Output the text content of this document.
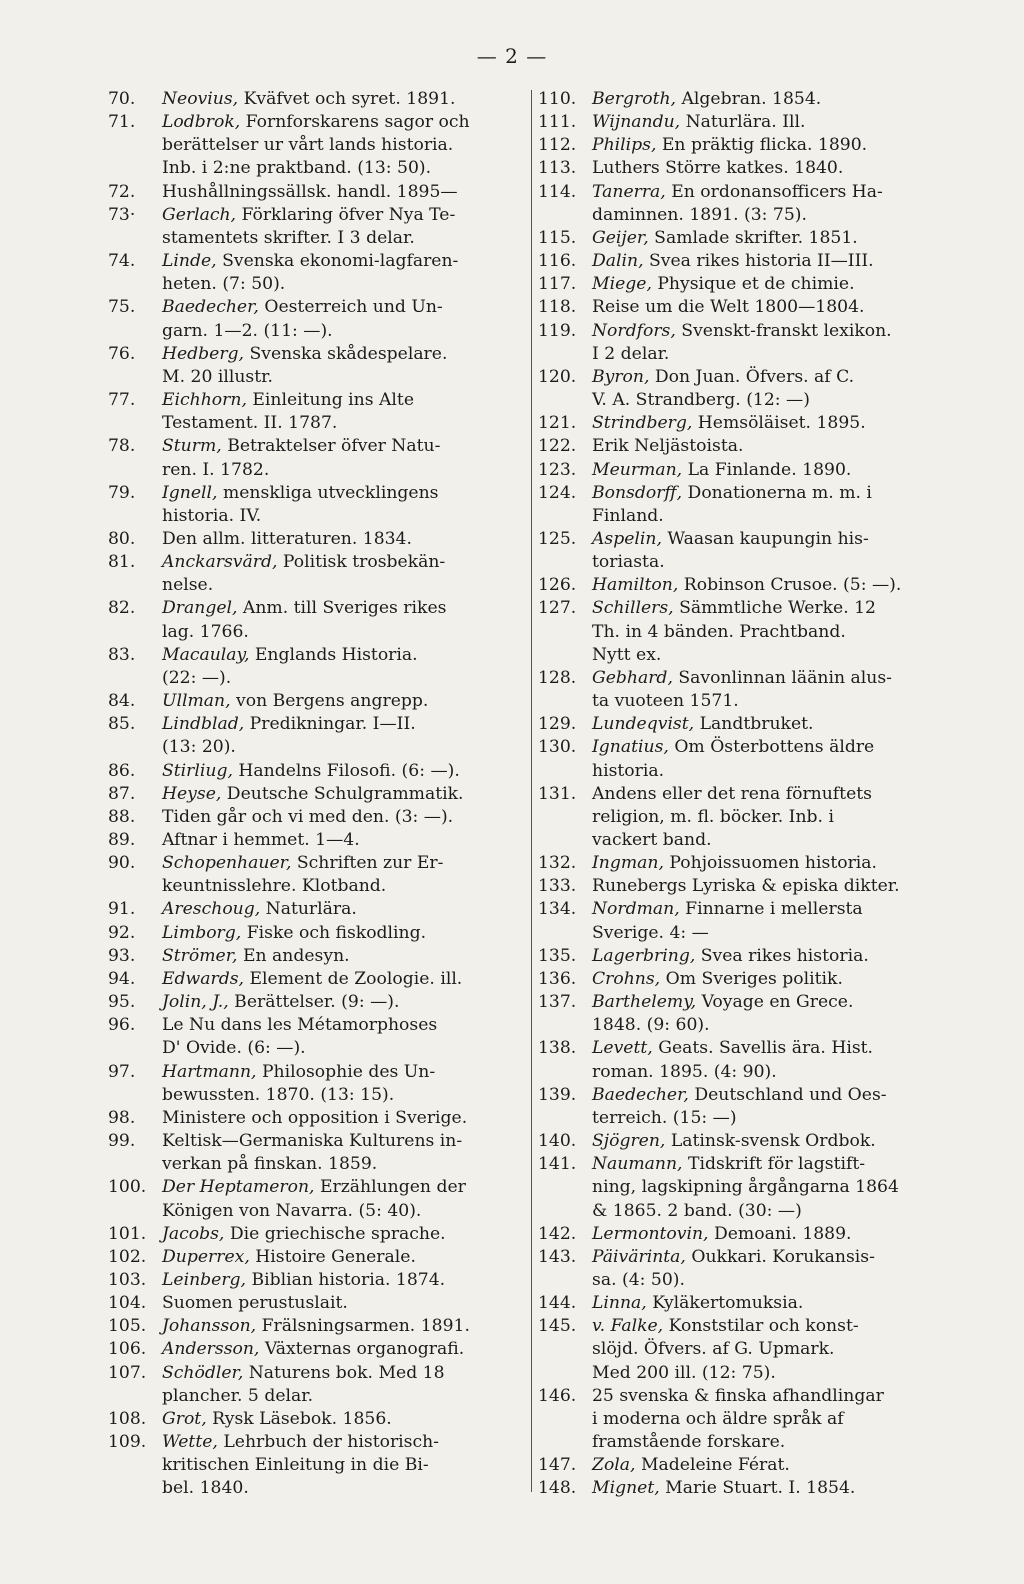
— 2 —
70.	Neovius, Kväfvet och syret. 1891.
71.	Lodbrok, Fornforskarens sagor och
berättelser ur vårt lands historia.
Inb. i 2:ne praktband. (13: 50).
72.	Hushållningssällsk. handl. 1895—
73·	Gerlach, Förklaring öfver Nya Te-
stamentets skrifter. I 3 delar.
74.	Linde, Svenska ekonomi-lagfaren-
heten. (7: 50).
75.	Baedecher, Oesterreich und Un-
garn. 1—2. (11: —).
76.	Hedberg, Svenska skådespelare.
M. 20 illustr.
77.	Eichhorn, Einleitung ins Alte
Testament. II. 1787.
78.	Sturm, Betraktelser öfver Natu-
ren. I. 1782.
79.	Ignell, menskliga utvecklingens
historia. IV.
80.	Den allm. litteraturen. 1834.
81.	Anckarsvärd, Politisk trosbekän-
nelse.
82.	Drangel, Anm. till Sveriges rikes
lag. 1766.
83.	Macaulay, Englands Historia.
(22: —).
84.	Ullman, von Bergens angrepp.
85.	Lindblad, Predikningar. I—II.
(13: 20).
86.	Stirliug, Handelns Filosofi. (6: —).
87.	Heyse, Deutsche Schulgrammatik.
88.	Tiden går och vi med den. (3: —).
89.	Aftnar i hemmet. 1—4.
90.	Schopenhauer, Schriften zur Er-
keuntnisslehre. Klotband.
91.	Areschoug, Naturlära.
92.	Limborg, Fiske och fiskodling.
93.	Strömer, En andesyn.
94.	Edwards, Element de Zoologie. ill.
95.	Jolin, J., Berättelser. (9: —).
96.	Le Nu dans les Métamorphoses
D' Ovide. (6: —).
97.	Hartmann, Philosophie des Un-
bewussten. 1870. (13: 15).
98.	Ministere och opposition i Sverige.
99.	Keltisk—Germaniska Kulturens in-
verkan på finskan. 1859.
100. Der Heptameron, Erzählungen der
Königen von Navarra. (5: 40).
101. Jacobs, Die griechische sprache.
102. Duperrex, Histoire Generale.
103. Leinberg, Biblian historia. 1874.
104. Suomen perustuslait.
105. Johansson, Frälsningsarmen. 1891.
106. Andersson, Växternas organografi.
107. Schödler, Naturens bok. Med 18
plancher. 5 delar.
108. Grot, Rysk Läsebok. 1856.
109. Wette, Lehrbuch der historisch-
kritischen Einleitung in die Bi-
bel. 1840.
110. Bergroth, Algebran. 1854.
111. Wijnandu, Naturlära. Ill.
112. Philips, En präktig flicka. 1890.
113. Luthers Större katkes. 1840.
114. Tanerra, En ordonansofficers Ha-
daminnen. 1891. (3: 75).
115. Geijer, Samlade skrifter. 1851.
116. Dalin, Svea rikes historia II—III.
117. Miege, Physique et de chimie.
118. Reise um die Welt 1800—1804.
119. Nordfors, Svenskt-franskt lexikon.
I 2 delar.
120. Byron, Don Juan. Öfvers. af C.
V. A. Strandberg. (12: —)
121. Strindberg, Hemsöläiset. 1895.
122. Erik Neljästoista.
123. Meurman, La Finlande. 1890.
124. Bonsdorff, Donationerna m. m. i
Finland.
125. Aspelin, Waasan kaupungin his-
toriasta.
126. Hamilton, Robinson Crusoe. (5: —).
127. Schillers, Sämmtliche Werke. 12
Th. in 4 bänden. Prachtband.
Nytt ex.
128. Gebhard, Savonlinnan läänin alus-
ta vuoteen 1571.
129. Lundeqvist, Landtbruket.
130. Ignatius, Om Österbottens äldre
historia.
131. Andens eller det rena förnuftets
religion, m. fl. böcker. Inb. i
vackert band.
132. Ingman, Pohjoissuomen historia.
133. Runebergs Lyriska & episka dikter.
134. Nordman, Finnarne i mellersta
Sverige. 4: —
135. Lagerbring, Svea rikes historia.
136. Crohns, Om Sveriges politik.
137. Barthelemy, Voyage en Grece.
1848. (9: 60).
138. Levett, Geats. Savellis ära. Hist.
roman. 1895. (4: 90).
139. Baedecher, Deutschland und Oes-
terreich. (15: —)
140. Sjögren, Latinsk-svensk Ordbok.
141. Naumann, Tidskrift för lagstift-
ning, lagskipning årgångarna 1864
& 1865. 2 band. (30: —)
142. Lermontovin, Demoani. 1889.
143. Päivärinta, Oukkari. Korukansis-
sa. (4: 50).
144. Linna, Kyläkertomuksia.
145. v. Falke, Konststilar och konst-
slöjd. Öfvers. af G. Upmark.
Med 200 ill. (12: 75).
146. 25 svenska & finska afhandlingar
i moderna och äldre språk af
framstående forskare.
147. Zola, Madeleine Férat.
148. Mignet, Marie Stuart. I. 1854.
